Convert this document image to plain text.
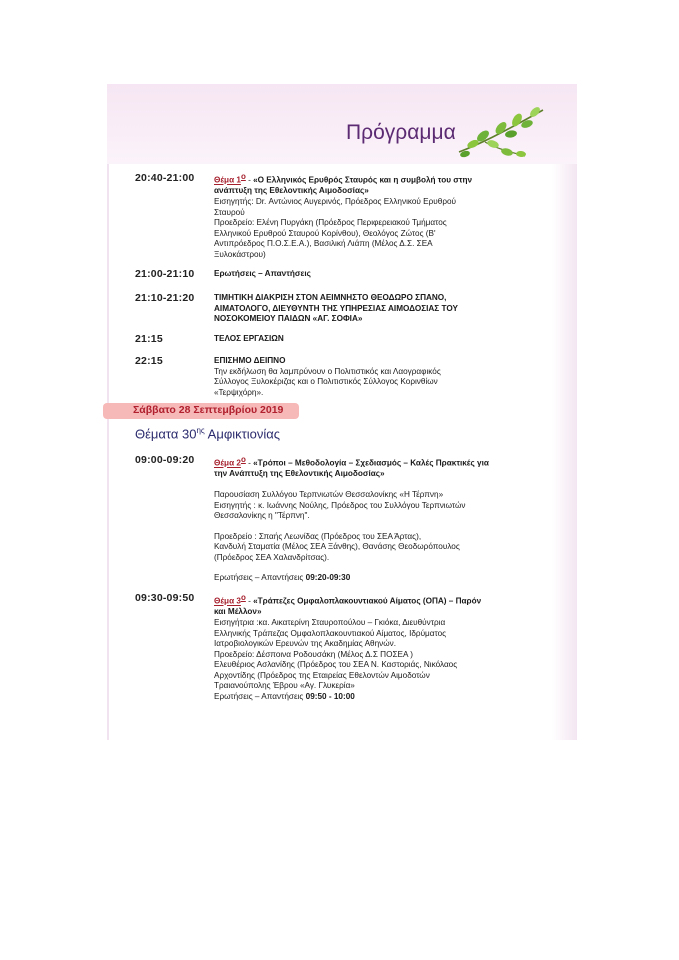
Πρόγραμμα
20:40-21:00 Θέμα 1ο - «Ο Ελληνικός Ερυθρός Σταυρός και η συμβολή του στην
ανάπτυξη της Εθελοντικής Αιμοδοσίας»
Εισηγητής: Dr. Αντώνιος Αυγερινός, Πρόεδρος Ελληνικού Ερυθρού
Σταυρού
Προεδρείο: Ελένη Πυργάκη (Πρόεδρος Περιφερειακού Τμήματος
Ελληνικού Ερυθρού Σταυρού Κορίνθου), Θεολόγος Ζώτος (Β'
Αντιπρόεδρος Π.Ο.Σ.Ε.Α.), Βασιλική Λιάπη (Μέλος Δ.Σ. ΣΕΑ
Ξυλοκάστρου)
21:00-21:10 Ερωτήσεις – Απαντήσεις
21:10-21:20 ΤΙΜΗΤΙΚΗ ΔΙΑΚΡΙΣΗ ΣΤΟΝ ΑΕΙΜΝΗΣΤΟ ΘΕΟΔΩΡΟ ΣΠΑΝΟ,
ΑΙΜΑΤΟΛΟΓΟ, ΔΙΕΥΘΥΝΤΗ ΤΗΣ ΥΠΗΡΕΣΙΑΣ ΑΙΜΟΔΟΣΙΑΣ ΤΟΥ
ΝΟΣΟΚΟΜΕΙΟΥ ΠΑΙΔΩΝ «ΑΓ. ΣΟΦΙΑ»
21:15	ΤΕΛΟΣ ΕΡΓΑΣΙΩΝ
22:15	ΕΠΙΣΗΜΟ ΔΕΙΠΝΟ
Την εκδήλωση θα λαμπρύνουν ο Πολιτιστικός και Λαογραφικός
Σύλλογος Ξυλοκέριζας και ο Πολιτιστικός Σύλλογος Κορινθίων
«Τερψιχόρη».
Σάββατο 28 Σεπτεμβρίου 2019
Θέματα $30^{\eta\varsigma}$ Αμφικτιονίας
09:00-09:20 Θέμα 2ο - «Τρόποι – Μεθοδολογία – Σχεδιασμός – Καλές Πρακτικές για
την Ανάπτυξη της Εθελοντικής Αιμοδοσίας»
Παρουσίαση Συλλόγου Τερπνιωτών Θεσσαλονίκης «Η Τέρπνη»
Εισηγητής : κ. Ιωάννης Νούλης, Πρόεδρος του Συλλόγου Τερπνιωτών
Θεσσαλονίκης η "Τέρπνη".
Προεδρείο : Σπαής Λεωνίδας (Πρόεδρος του ΣΕΑ Άρτας),
Κανδυλή Σταματία (Μέλος ΣΕΑ Ξάνθης), Θανάσης Θεοδωρόπουλος
(Πρόεδρος ΣΕΑ Χαλανδρίτσας).
Ερωτήσεις – Απαντήσεις 09:20-09:30
09:30-09:50 Θέμα 3ο - «Τράπεζες Ομφαλοπλακουντιακού Αίματος (ΟΠΑ) – Παρόν
και Μέλλον»
Εισηγήτρια :κα. Αικατερίνη Σταυροπούλου – Γκιόκα, Διευθύντρια
Ελληνικής Τράπεζας Ομφαλοπλακουντιακού Αίματος, Ιδρύματος
Ιατροβιολογικών Ερευνών της Ακαδημίας Αθηνών.
Προεδρείο: Δέσποινα Ροδουσάκη (Μέλος Δ.Σ ΠΟΣΕΑ )
Ελευθέριος Ασλανίδης (Πρόεδρος του ΣΕΑ Ν. Καστοριάς, Νικόλαος
Αρχοντίδης (Πρόεδρος της Εταιρείας Εθελοντών Αιμοδοτών
Τραιανούπολης Έβρου «Αγ. Γλυκερία»
Ερωτήσεις – Απαντήσεις 09:50 - 10:00
